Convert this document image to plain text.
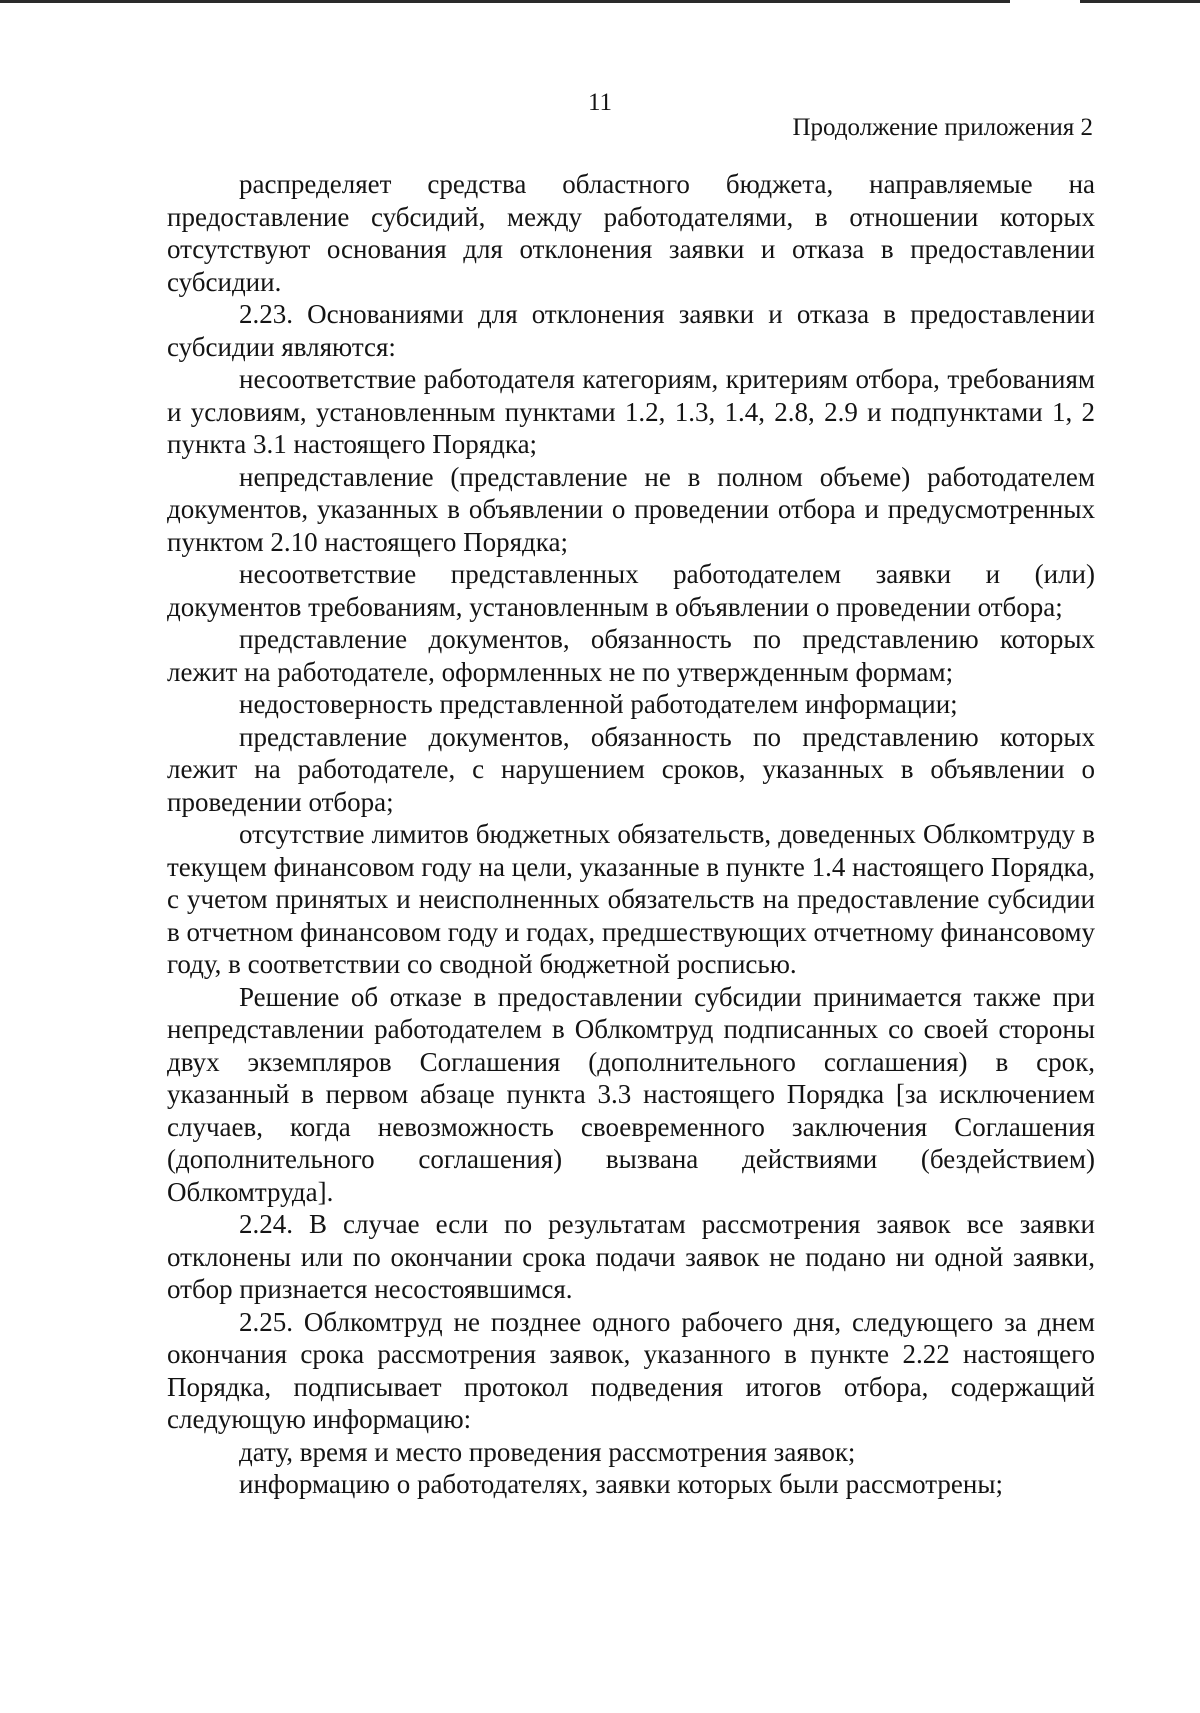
11
Продолжение приложения 2

распределяет средства областного бюджета, направляемые на предоставление субсидий, между работодателями, в отношении которых отсутствуют основания для отклонения заявки и отказа в предоставлении субсидии.

2.23. Основаниями для отклонения заявки и отказа в предоставлении субсидии являются:

несоответствие работодателя категориям, критериям отбора, требованиям и условиям, установленным пунктами 1.2, 1.3, 1.4, 2.8, 2.9 и подпунктами 1, 2 пункта 3.1 настоящего Порядка;

непредставление (представление не в полном объеме) работодателем документов, указанных в объявлении о проведении отбора и предусмотренных пунктом 2.10 настоящего Порядка;

несоответствие представленных работодателем заявки и (или) документов требованиям, установленным в объявлении о проведении отбора;

представление документов, обязанность по представлению которых лежит на работодателе, оформленных не по утвержденным формам;

недостоверность представленной работодателем информации;

представление документов, обязанность по представлению которых лежит на работодателе, с нарушением сроков, указанных в объявлении о проведении отбора;

отсутствие лимитов бюджетных обязательств, доведенных Облкомтруду в текущем финансовом году на цели, указанные в пункте 1.4 настоящего Порядка, с учетом принятых и неисполненных обязательств на предоставление субсидии в отчетном финансовом году и годах, предшествующих отчетному финансовому году, в соответствии со сводной бюджетной росписью.

Решение об отказе в предоставлении субсидии принимается также при непредставлении работодателем в Облкомтруд подписанных со своей стороны двух экземпляров Соглашения (дополнительного соглашения) в срок, указанный в первом абзаце пункта 3.3 настоящего Порядка [за исключением случаев, когда невозможность своевременного заключения Соглашения (дополнительного соглашения) вызвана действиями (бездействием) Облкомтруда].

2.24. В случае если по результатам рассмотрения заявок все заявки отклонены или по окончании срока подачи заявок не подано ни одной заявки, отбор признается несостоявшимся.

2.25. Облкомтруд не позднее одного рабочего дня, следующего за днем окончания срока рассмотрения заявок, указанного в пункте 2.22 настоящего Порядка, подписывает протокол подведения итогов отбора, содержащий следующую информацию:

дату, время и место проведения рассмотрения заявок;

информацию о работодателях, заявки которых были рассмотрены;
